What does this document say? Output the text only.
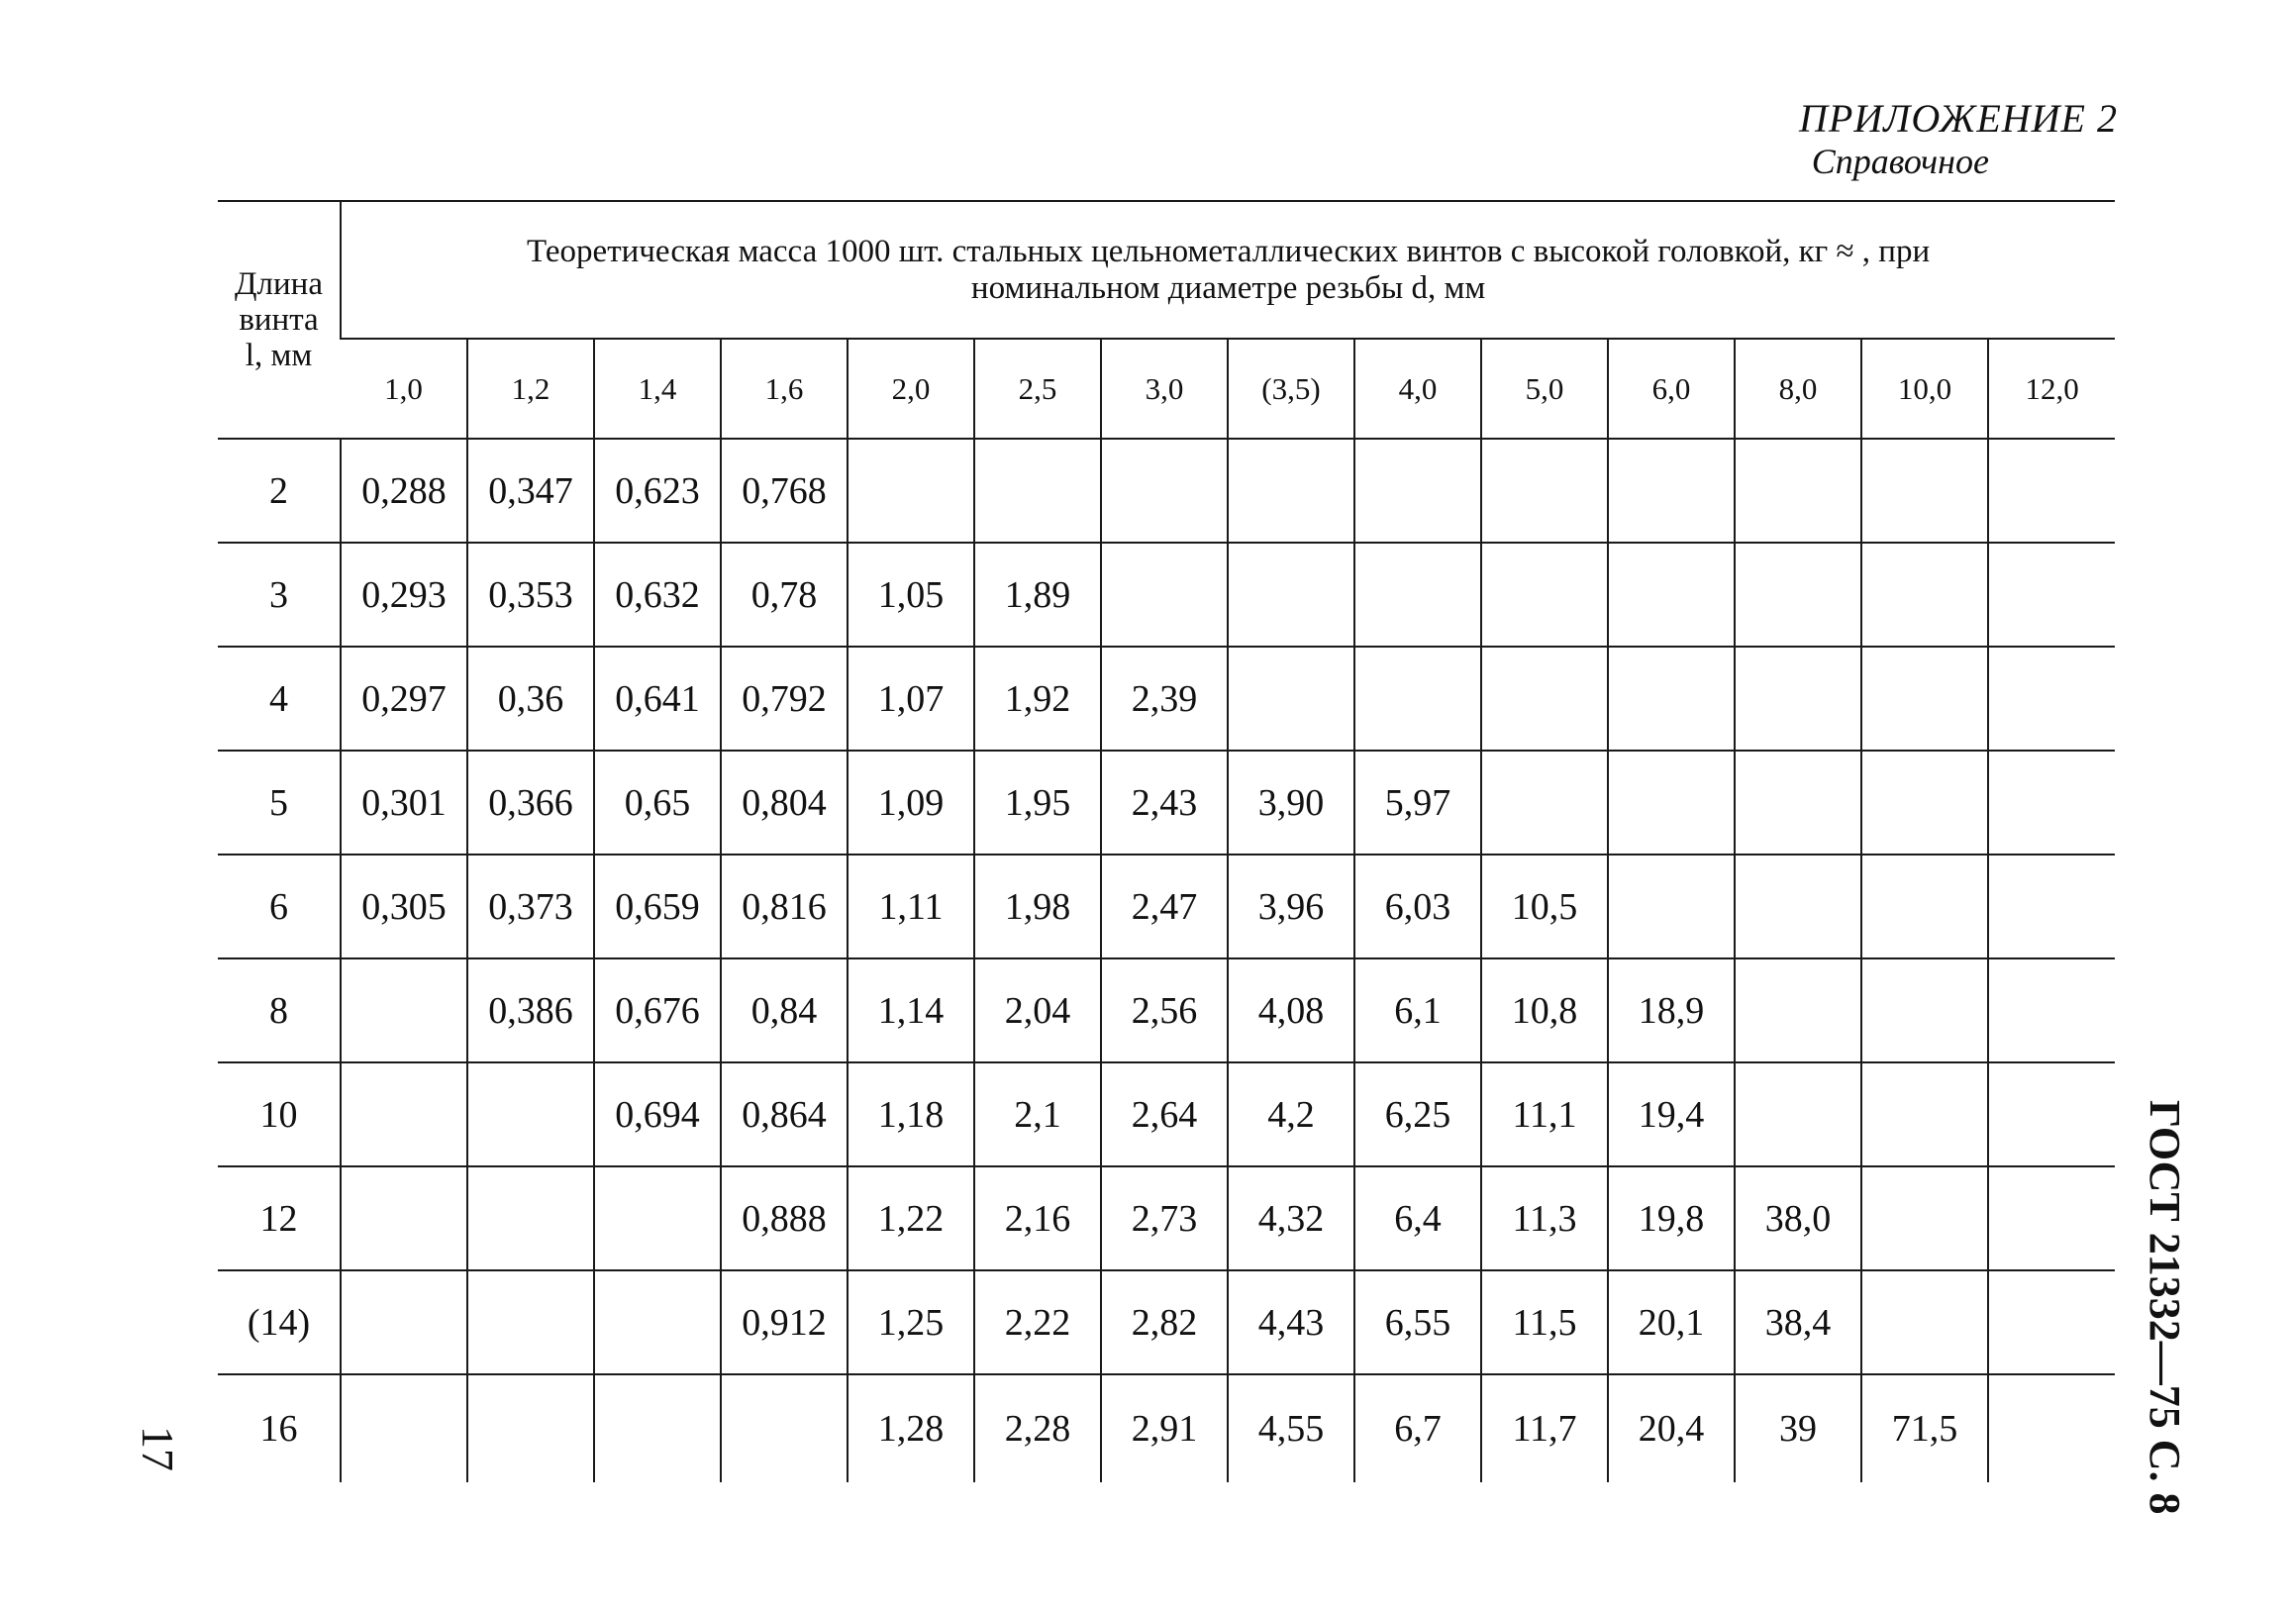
ПРИЛОЖЕНИЕ 2
Справочное
Длина
винта
l, мм	Теоретическая масса 1000 шт. стальных цельнометаллических винтов с высокой головкой, кг ≈ , при
номинальном диаметре резьбы d, мм													
	1,0	1,2	1,4	1,6	2,0	2,5	3,0	(3,5)	4,0	5,0	6,0	8,0	10,0	12,0
2	0,288	0,347	0,623	0,768										
3	0,293	0,353	0,632	0,78	1,05	1,89								
4	0,297	0,36	0,641	0,792	1,07	1,92	2,39							
5	0,301	0,366	0,65	0,804	1,09	1,95	2,43	3,90	5,97					
6	0,305	0,373	0,659	0,816	1,11	1,98	2,47	3,96	6,03	10,5				
8		0,386	0,676	0,84	1,14	2,04	2,56	4,08	6,1	10,8	18,9			
10			0,694	0,864	1,18	2,1	2,64	4,2	6,25	11,1	19,4			
12				0,888	1,22	2,16	2,73	4,32	6,4	11,3	19,8	38,0		
(14)				0,912	1,25	2,22	2,82	4,43	6,55	11,5	20,1	38,4		
16					1,28	2,28	2,91	4,55	6,7	11,7	20,4	39	71,5		ГОСТ 21332—75 С. 8
17
